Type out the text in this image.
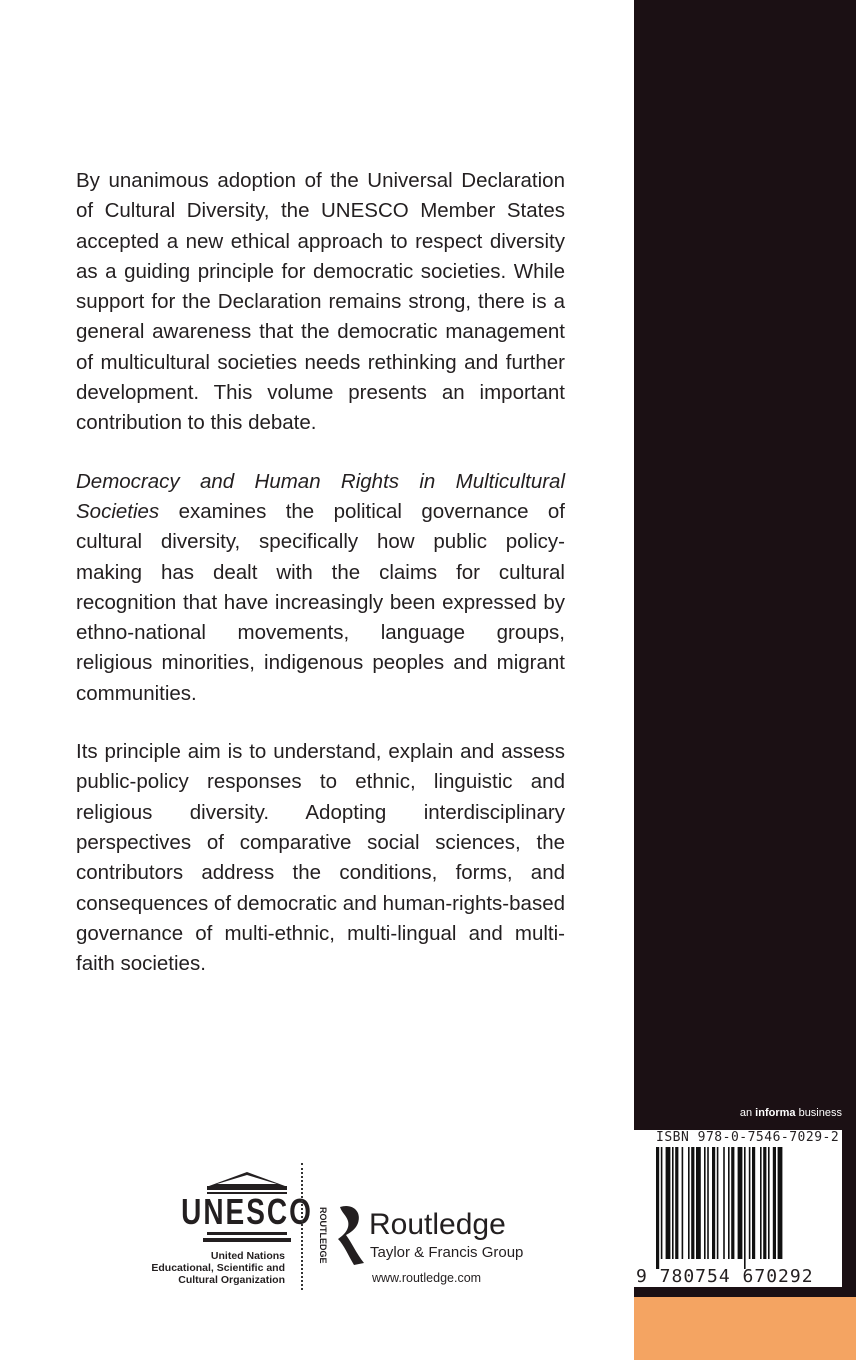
By unanimous adoption of the Universal Declaration of Cultural Diversity, the UNESCO Member States accepted a new ethical approach to respect diversity as a guiding principle for democratic societies. While support for the Declaration remains strong, there is a general awareness that the democratic management of multicultural societies needs rethinking and further development. This volume presents an important contribution to this debate.

Democracy and Human Rights in Multicultural Societies examines the political governance of cultural diversity, specifically how public policy-making has dealt with the claims for cultural recognition that have increasingly been expressed by ethno-national movements, language groups, religious minorities, indigenous peoples and migrant communities.

Its principle aim is to understand, explain and assess public-policy responses to ethnic, linguistic and religious diversity. Adopting interdisciplinary perspectives of comparative social sciences, the contributors address the conditions, forms, and consequences of democratic and human-rights-based governance of multi-ethnic, multi-lingual and multi-faith societies.

an informa business
ISBN 978-0-7546-7029-2
9 780754 670292
UNESCO
United Nations
Educational, Scientific and
Cultural Organization
ROUTLEDGE Routledge
Taylor & Francis Group
www.routledge.com
